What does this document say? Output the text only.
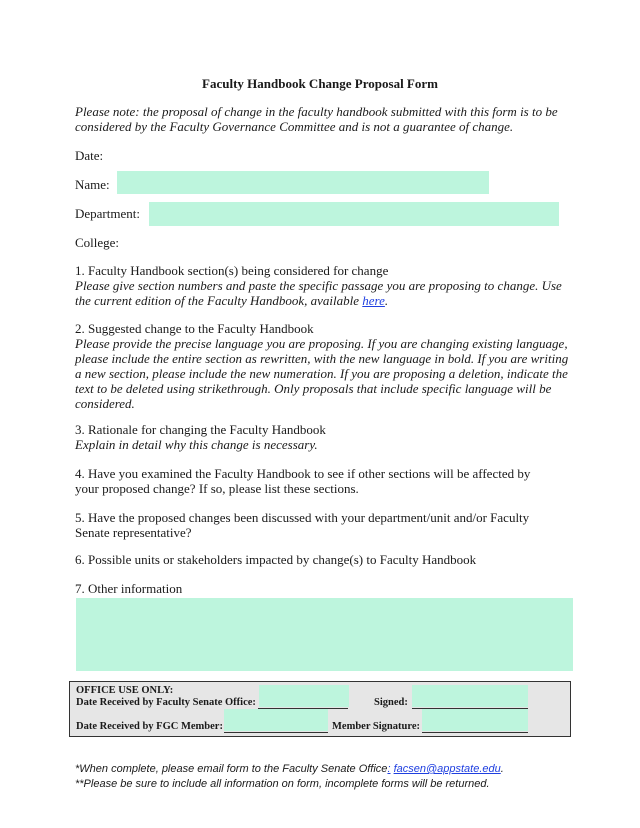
Faculty Handbook Change Proposal Form
Please note: the proposal of change in the faculty handbook submitted with this form is to be considered by the Faculty Governance Committee and is not a guarantee of change.
Date:
Name:
Department:
College:
1. Faculty Handbook section(s) being considered for change
Please give section numbers and paste the specific passage you are proposing to change. Use the current edition of the Faculty Handbook, available here.
2. Suggested change to the Faculty Handbook
Please provide the precise language you are proposing. If you are changing existing language, please include the entire section as rewritten, with the new language in bold. If you are writing a new section, please include the new numeration. If you are proposing a deletion, indicate the text to be deleted using strikethrough. Only proposals that include specific language will be considered.
3. Rationale for changing the Faculty Handbook
Explain in detail why this change is necessary.
4. Have you examined the Faculty Handbook to see if other sections will be affected by your proposed change? If so, please list these sections.
5. Have the proposed changes been discussed with your department/unit and/or Faculty Senate representative?
6. Possible units or stakeholders impacted by change(s) to Faculty Handbook
7. Other information
OFFICE USE ONLY:
Date Received by Faculty Senate Office:	Signed:
Date Received by FGC Member:	Member Signature:
*When complete, please email form to the Faculty Senate Office: facsen@appstate.edu.
**Please be sure to include all information on form, incomplete forms will be returned.
